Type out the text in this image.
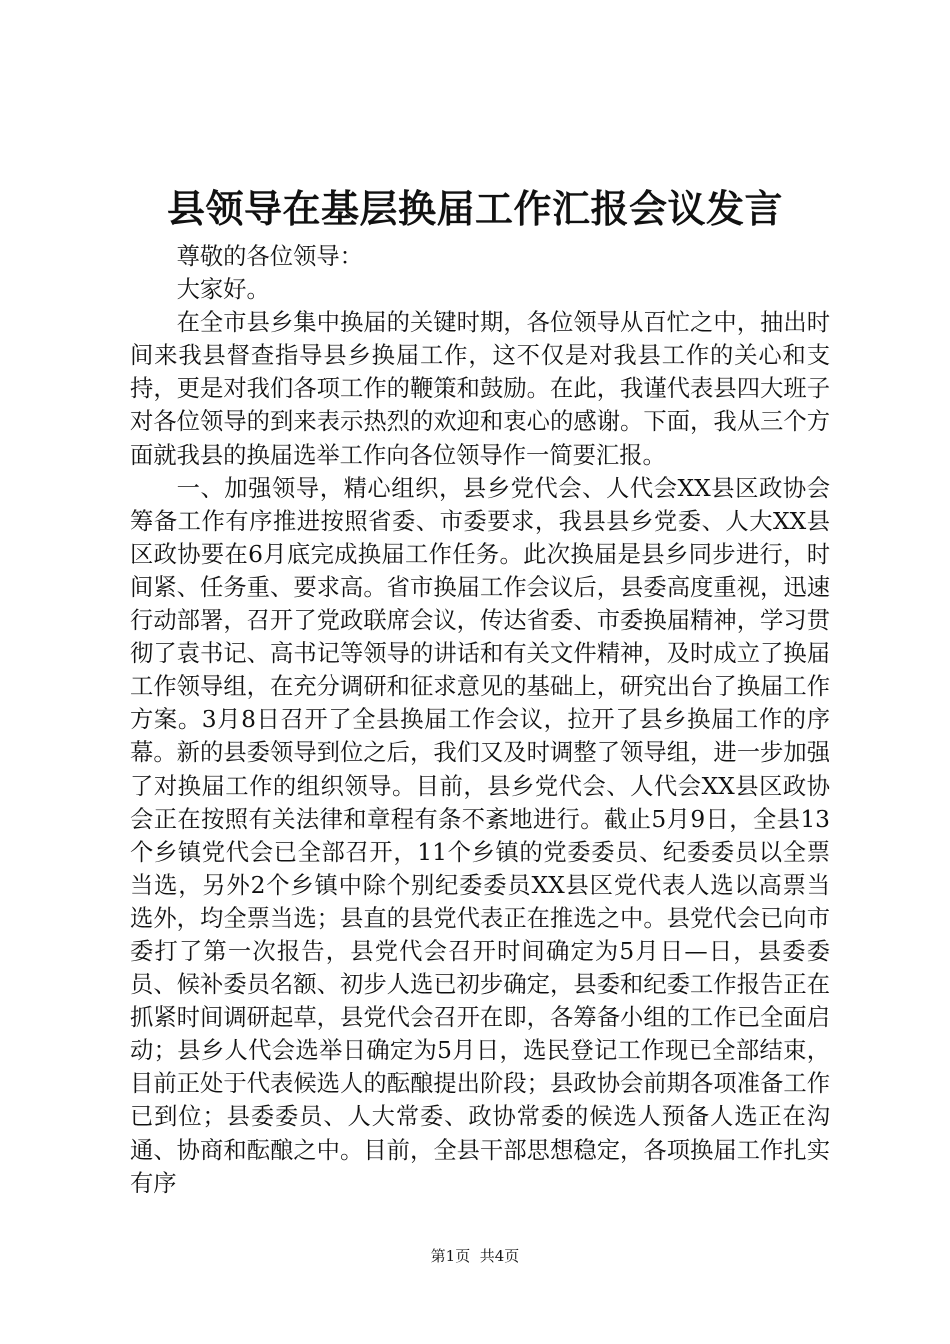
县领导在基层换届工作汇报会议发言

尊敬的各位领导：

大家好。

在全市县乡集中换届的关键时期，各位领导从百忙之中，抽出时间来我县督查指导县乡换届工作，这不仅是对我县工作的关心和支持，更是对我们各项工作的鞭策和鼓励。在此，我谨代表县四大班子对各位领导的到来表示热烈的欢迎和衷心的感谢。下面，我从三个方面就我县的换届选举工作向各位领导作一简要汇报。

一、加强领导，精心组织，县乡党代会、人代会XX县区政协会筹备工作有序推进按照省委、市委要求，我县县乡党委、人大XX县区政协要在6月底完成换届工作任务。此次换届是县乡同步进行，时间紧、任务重、要求高。省市换届工作会议后，县委高度重视，迅速行动部署，召开了党政联席会议，传达省委、市委换届精神，学习贯彻了袁书记、高书记等领导的讲话和有关文件精神，及时成立了换届工作领导组，在充分调研和征求意见的基础上，研究出台了换届工作方案。3月8日召开了全县换届工作会议，拉开了县乡换届工作的序幕。新的县委领导到位之后，我们又及时调整了领导组，进一步加强了对换届工作的组织领导。目前，县乡党代会、人代会XX县区政协会正在按照有关法律和章程有条不紊地进行。截止5月9日，全县13个乡镇党代会已全部召开，11个乡镇的党委委员、纪委委员以全票当选，另外2个乡镇中除个别纪委委员XX县区党代表人选以高票当选外，均全票当选；县直的县党代表正在推选之中。县党代会已向市委打了第一次报告，县党代会召开时间确定为5月日—日，县委委员、候补委员名额、初步人选已初步确定，县委和纪委工作报告正在抓紧时间调研起草，县党代会召开在即，各筹备小组的工作已全面启动；县乡人代会选举日确定为5月日，选民登记工作现已全部结束，目前正处于代表候选人的酝酿提出阶段；县政协会前期各项准备工作已到位；县委委员、人大常委、政协常委的候选人预备人选正在沟通、协商和酝酿之中。目前，全县干部思想稳定，各项换届工作扎实有序

第1页 共4页
